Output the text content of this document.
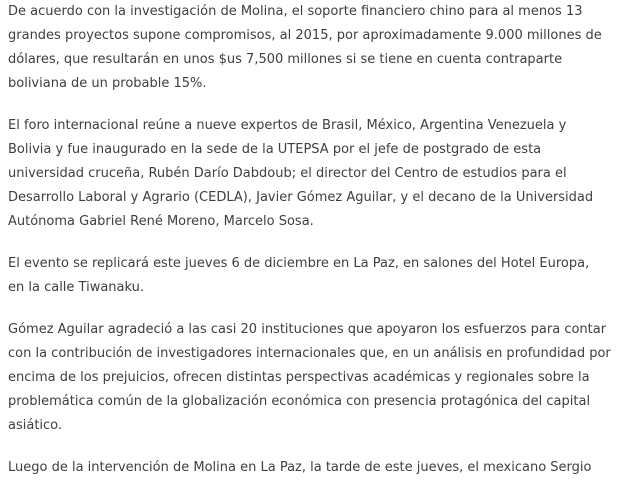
De acuerdo con la investigación de Molina, el soporte financiero chino para al menos 13
grandes proyectos supone compromisos, al 2015, por aproximadamente 9.000 millones de
dólares, que resultarán en unos $us 7,500 millones si se tiene en cuenta contraparte
boliviana de un probable 15%.
El foro internacional reúne a nueve expertos de Brasil, México, Argentina Venezuela y
Bolivia y fue inaugurado en la sede de la UTEPSA por el jefe de postgrado de esta
universidad cruceña, Rubén Darío Dabdoub; el director del Centro de estudios para el
Desarrollo Laboral y Agrario (CEDLA), Javier Gómez Aguilar, y el decano de la Universidad
Autónoma Gabriel René Moreno, Marcelo Sosa.
El evento se replicará este jueves 6 de diciembre en La Paz, en salones del Hotel Europa,
en la calle Tiwanaku.
Gómez Aguilar agradeció a las casi 20 instituciones que apoyaron los esfuerzos para contar
con la contribución de investigadores internacionales que, en un análisis en profundidad por
encima de los prejuicios, ofrecen distintas perspectivas académicas y regionales sobre la
problemática común de la globalización económica con presencia protagónica del capital
asiático.
Luego de la intervención de Molina en La Paz, la tarde de este jueves, el mexicano Sergio
